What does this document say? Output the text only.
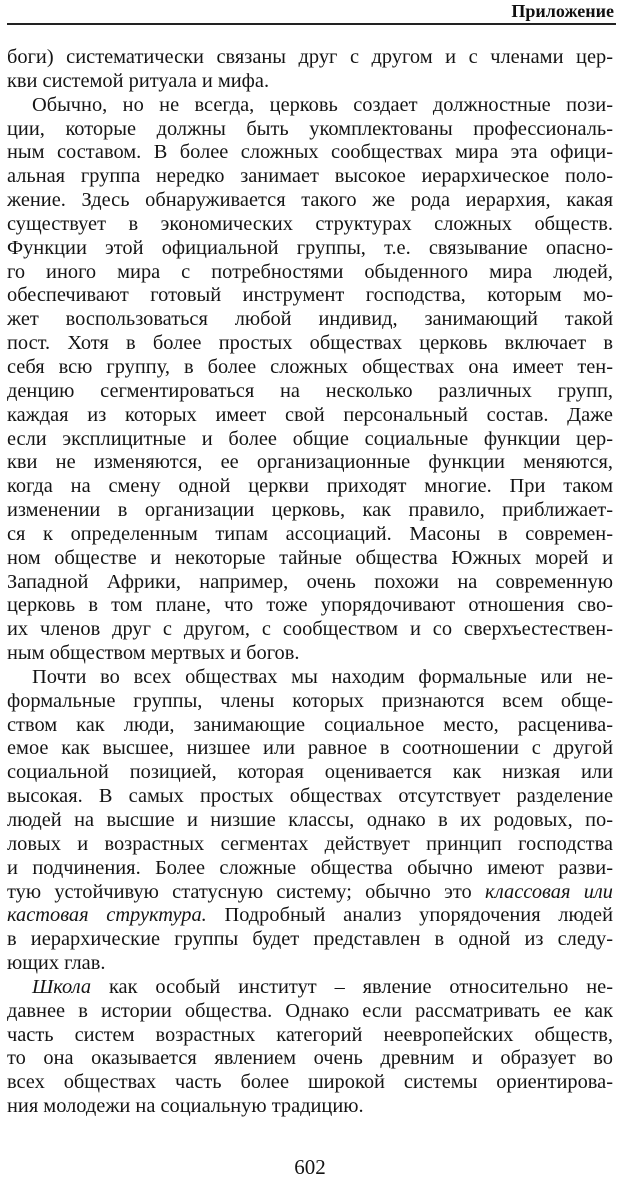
Приложение
боги) систематически связаны друг с другом и с членами цер-
кви системой ритуала и мифа.
Обычно, но не всегда, церковь создает должностные пози-
ции, которые должны быть укомплектованы профессиональ-
ным составом. В более сложных сообществах мира эта офици-
альная группа нередко занимает высокое иерархическое поло-
жение. Здесь обнаруживается такого же рода иерархия, какая
существует в экономических структурах сложных обществ.
Функции этой официальной группы, т.е. связывание опасно-
го иного мира с потребностями обыденного мира людей,
обеспечивают готовый инструмент господства, которым мо-
жет воспользоваться любой индивид, занимающий такой
пост. Хотя в более простых обществах церковь включает в
себя всю группу, в более сложных обществах она имеет тен-
денцию сегментироваться на несколько различных групп,
каждая из которых имеет свой персональный состав. Даже
если эксплицитные и более общие социальные функции цер-
кви не изменяются, ее организационные функции меняются,
когда на смену одной церкви приходят многие. При таком
изменении в организации церковь, как правило, приближает-
ся к определенным типам ассоциаций. Масоны в современ-
ном обществе и некоторые тайные общества Южных морей и
Западной Африки, например, очень похожи на современную
церковь в том плане, что тоже упорядочивают отношения сво-
их членов друг с другом, с сообществом и со сверхъестествен-
ным обществом мертвых и богов.
Почти во всех обществах мы находим формальные или не-
формальные группы, члены которых признаются всем обще-
ством как люди, занимающие социальное место, расценива-
емое как высшее, низшее или равное в соотношении с другой
социальной позицией, которая оценивается как низкая или
высокая. В самых простых обществах отсутствует разделение
людей на высшие и низшие классы, однако в их родовых, по-
ловых и возрастных сегментах действует принцип господства
и подчинения. Более сложные общества обычно имеют разви-
тую устойчивую статусную систему; обычно это классовая или
кастовая структура. Подробный анализ упорядочения людей
в иерархические группы будет представлен в одной из следу-
ющих глав.
Школа как особый институт – явление относительно не-
давнее в истории общества. Однако если рассматривать ее как
часть систем возрастных категорий неевропейских обществ,
то она оказывается явлением очень древним и образует во
всех обществах часть более широкой системы ориентирова-
ния молодежи на социальную традицию.
602
